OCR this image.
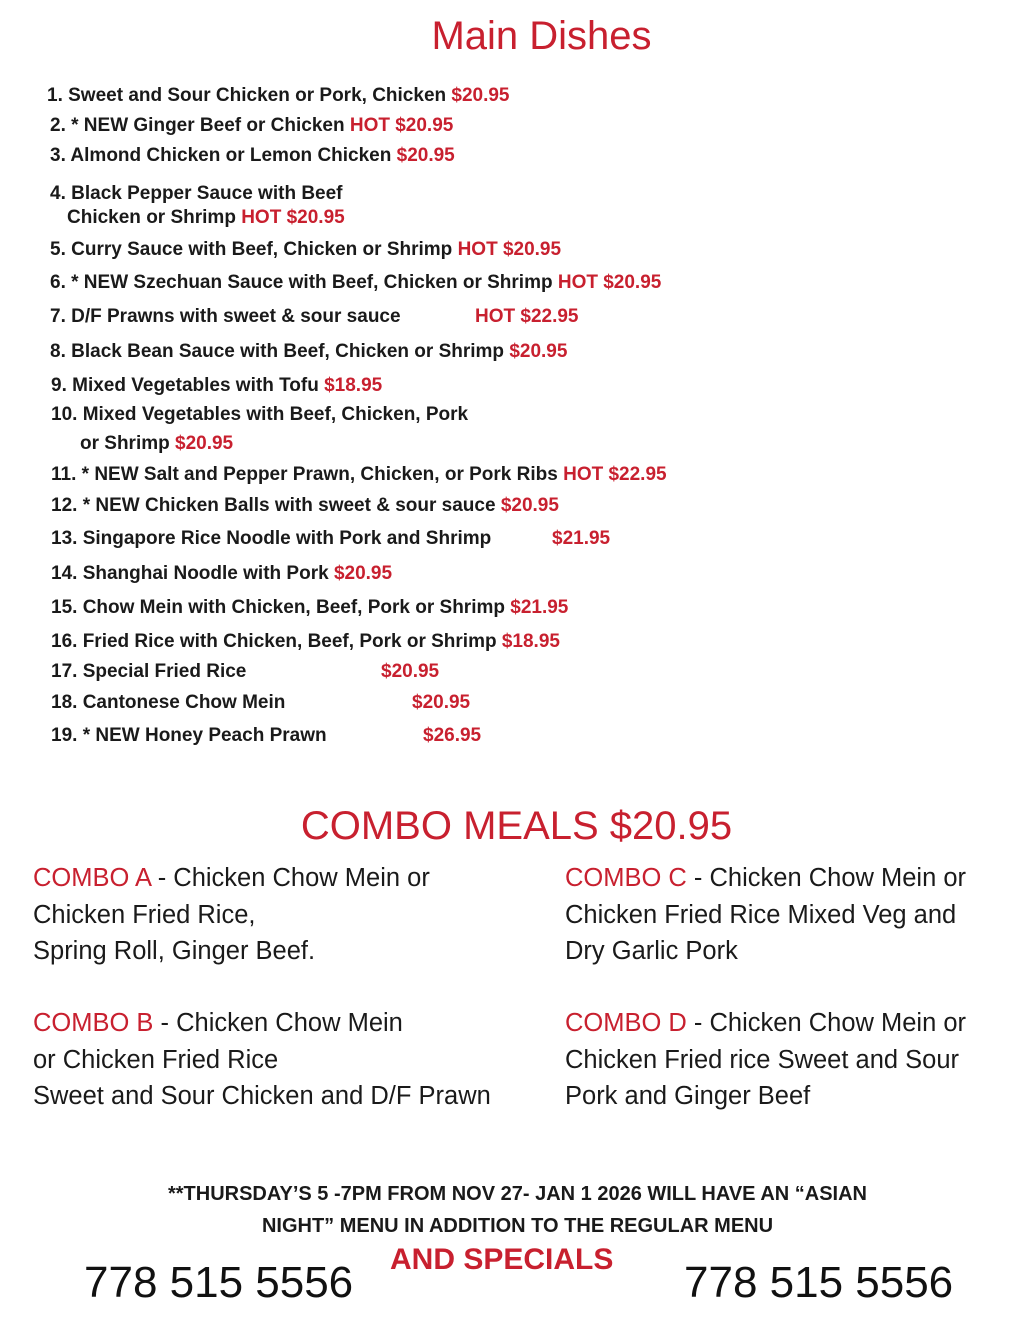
Main Dishes
1. Sweet and Sour Chicken or Pork, Chicken $20.95
2. * NEW Ginger Beef or Chicken HOT $20.95
3. Almond Chicken or Lemon Chicken $20.95
4. Black Pepper Sauce with Beef
Chicken or Shrimp HOT $20.95
5. Curry Sauce with Beef, Chicken or Shrimp HOT $20.95
6. * NEW Szechuan Sauce with Beef, Chicken or Shrimp HOT $20.95
7. D/F Prawns with sweet & sour sauce	HOT $22.95
8. Black Bean Sauce with Beef, Chicken or Shrimp $20.95
9. Mixed Vegetables with Tofu $18.95
10. Mixed Vegetables with Beef, Chicken, Pork
or Shrimp $20.95
11. * NEW Salt and Pepper Prawn, Chicken, or Pork Ribs HOT $22.95
12. * NEW Chicken Balls with sweet & sour sauce $20.95
13. Singapore Rice Noodle with Pork and Shrimp	$21.95
14. Shanghai Noodle with Pork $20.95
15. Chow Mein with Chicken, Beef, Pork or Shrimp $21.95
16. Fried Rice with Chicken, Beef, Pork or Shrimp $18.95
17. Special Fried Rice	$20.95
18. Cantonese Chow Mein	$20.95
19. * NEW Honey Peach Prawn	$26.95
COMBO MEALS $20.95
COMBO A - Chicken Chow Mein or
Chicken Fried Rice,
Spring Roll, Ginger Beef.
COMBO B - Chicken Chow Mein
or Chicken Fried Rice
Sweet and Sour Chicken and D/F Prawn
COMBO C - Chicken Chow Mein or
Chicken Fried Rice Mixed Veg and
Dry Garlic Pork
COMBO D - Chicken Chow Mein or
Chicken Fried rice Sweet and Sour
Pork and Ginger Beef
**THURSDAY’S 5 -7PM FROM NOV 27- JAN 1 2026 WILL HAVE AN “ASIAN
NIGHT” MENU IN ADDITION TO THE REGULAR MENU
AND SPECIALS
778 515 5556	778 515 5556
